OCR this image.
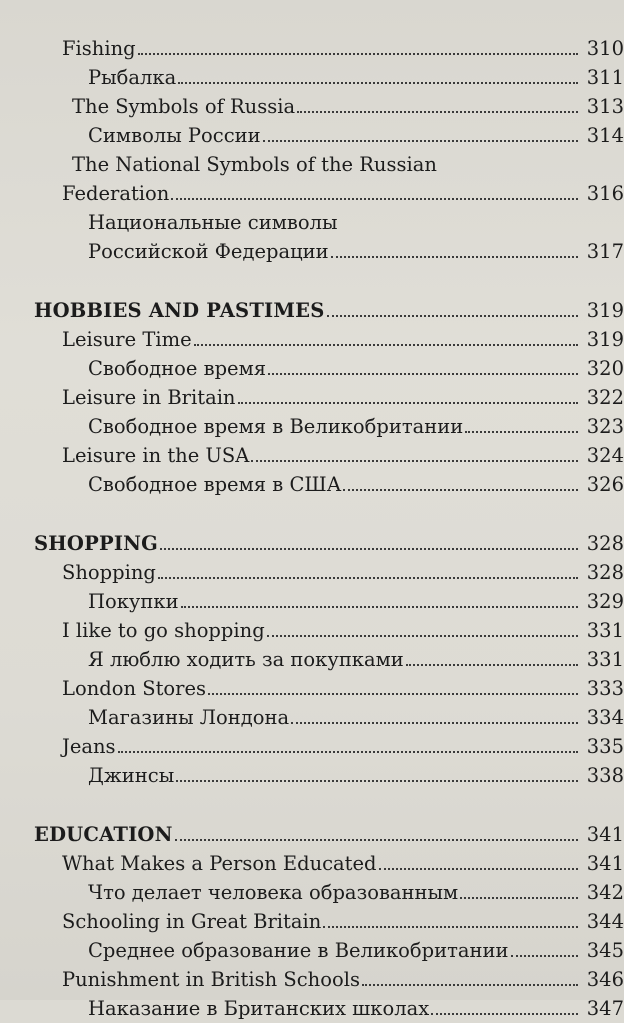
Fishing	310
Рыбалка	311
The Symbols of Russia	313
Символы России	314
The National Symbols of the Russian
Federation	316
Национальные символы
Российской Федерации	317
HOBBIES AND PASTIMES	319
Leisure Time	319
Свободное время	320
Leisure in Britain	322
Свободное время в Великобритании	323
Leisure in the USA	324
Свободное время в США	326
SHOPPING	328
Shopping	328
Покупки	329
I like to go shopping	331
Я люблю ходить за покупками	331
London Stores	333
Магазины Лондона	334
Jeans	335
Джинсы	338
EDUCATION	341
What Makes a Person Educated	341
Что делает человека образованным	342
Schooling in Great Britain	344
Среднее образование в Великобритании	345
Punishment in British Schools	346
Наказание в Британских школах	347
